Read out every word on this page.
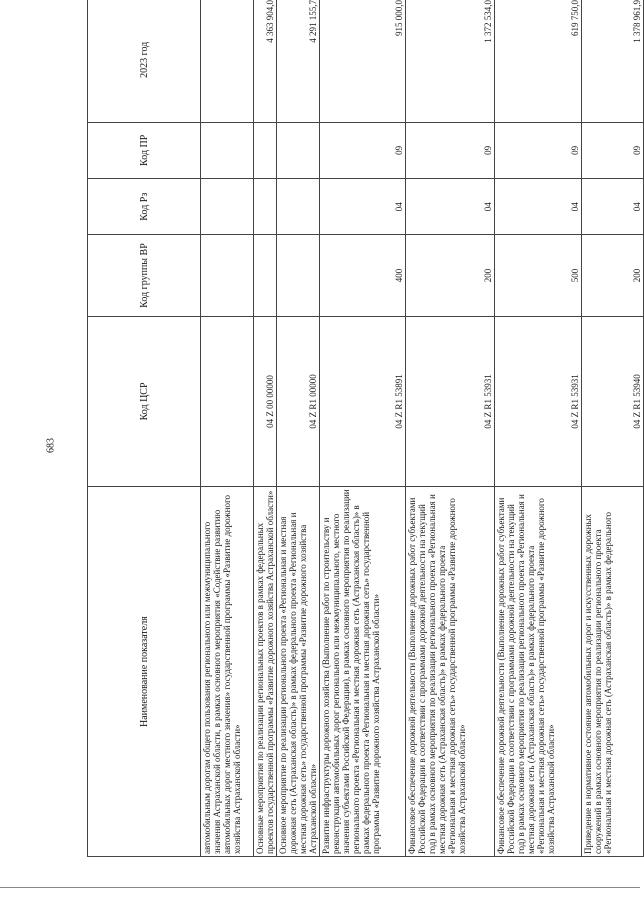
683
Наименование показателя	Код ЦСР	Код группы ВР	Код Рз	Код ПР	2023 год
автомобильным дорогам общего пользования регионального или межмуниципального значения Астраханской области, в рамках основного мероприятия «Содействие развитию автомобильных дорог местного значения» государственной программы «Развитие дорожного хозяйства Астраханской области»					
Основные мероприятия по реализации региональных проектов в рамках федеральных проектов государственной программы «Развитие дорожного хозяйства Астраханской области»	04 Z 00 00000				4 363 904,0
Основное мероприятие по реализации регионального проекта «Региональная и местная дорожная сеть (Астраханская область)» в рамках федерального проекта «Региональная и местная дорожная сеть» государственной программы «Развитие дорожного хозяйства Астраханской области»	04 Z R1 00000				4 291 155,7
Развитие инфраструктуры дорожного хозяйства (Выполнение работ по строительству и реконструкции автомобильных дорог регионального или межмуниципального, местного значения субъектами Российской Федерации), в рамках основного мероприятия по реализации регионального проекта «Региональная и местная дорожная сеть (Астраханская область)» в рамках федерального проекта «Региональная и местная дорожная сеть» государственной программы «Развитие дорожного хозяйства Астраханской области»	04 Z R1 53891	400	04	09	915 000,0
Финансовое обеспечение дорожной деятельности (Выполнение дорожных работ субъектами Российской Федерации в соответствии с программами дорожной деятельности на текущий год) в рамках основного мероприятия по реализации регионального проекта «Региональная и местная дорожная сеть (Астраханская область)» в рамках федерального проекта «Региональная и местная дорожная сеть» государственной программы «Развитие дорожного хозяйства Астраханской области»	04 Z R1 53931	200	04	09	1 372 534,0
Финансовое обеспечение дорожной деятельности (Выполнение дорожных работ субъектами Российской Федерации в соответствии с программами дорожной деятельности на текущий год) в рамках основного мероприятия по реализации регионального проекта «Региональная и местная дорожная сеть (Астраханская область)» в рамках федерального проекта «Региональная и местная дорожная сеть» государственной программы «Развитие дорожного хозяйства Астраханской области»	04 Z R1 53931	500	04	09	619 750,0
Приведение в нормативное состояние автомобильных дорог и искусственных дорожных сооружений в рамках основного мероприятия по реализации регионального проекта «Региональная и местная дорожная сеть (Астраханская область)» в рамках федерального	04 Z R1 53940	200	04	09	1 378 961,9
